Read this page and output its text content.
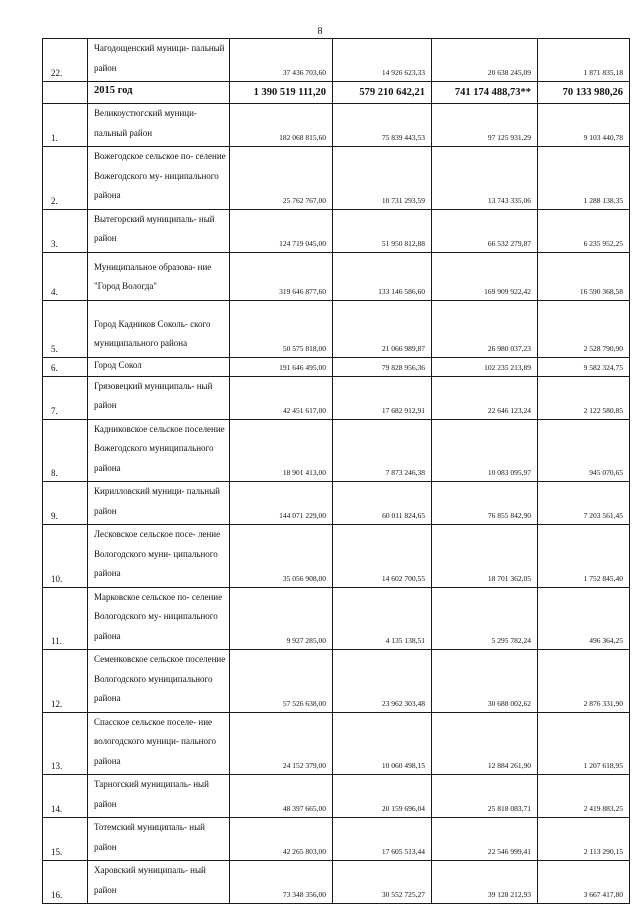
8
22.	Чагодощенский муници- пальный район	37 436 703,60	14 926 623,33	20 638 245,09	1 871 835,18
	2015 год	1 390 519 111,20	579 210 642,21	741 174 488,73**	70 133 980,26
1.	Великоустюгский муници- пальный район	182 068 815,60	75 839 443,53	97 125 931,29	9 103 440,78
2.	Вожегодское сельское по- селение Вожегодского му- ниципального района	25 762 767,00	10 731 293,59	13 743 335,06	1 288 138,35
3.	Вытегорский муниципаль- ный район	124 719 045,00	51 950 812,88	66 532 279,87	6 235 952,25
4.	Муниципальное образова- ние "Город Вологда"	319 646 877,60	133 146 586,60	169 909 922,42	16 590 368,58
5.	Город Кадников Соколь- ского муниципального района	50 575 818,00	21 066 989,87	26 980 037,23	2 528 790,90
6.	Город Сокол	191 646 495,00	79 828 956,36	102 235 213,89	9 582 324,75
7.	Грязовецкий муниципаль- ный район	42 451 617,00	17 682 912,91	22 646 123,24	2 122 580,85
8.	Кадниковское сельское поселение Вожегодского муниципального района	18 901 413,00	7 873 246,38	10 083 095,97	945 070,65
9.	Кирилловский муници- пальный район	144 071 229,00	60 011 824,65	76 855 842,90	7 203 561,45
10.	Лесковское сельское посе- ление Вологодского муни- ципального района	35 056 908,00	14 602 700,55	18 701 362,05	1 752 845,40
11.	Марковское сельское по- селение Вологодского му- ниципального района	9 927 285,00	4 135 138,51	5 295 782,24	496 364,25
12.	Семенковское сельское поселение Вологодского муниципального района	57 526 638,00	23 962 303,48	30 688 002,62	2 876 331,90
13.	Спасское сельское поселе- ние вологодского муници- пального района	24 152 379,00	10 060 498,15	12 884 261,90	1 207 618,95
14.	Тарногский муниципаль- ный район	48 397 665,00	20 159 696,04	25 818 083,71	2 419 883,25
15.	Тотемский муниципаль- ный район	42 265 803,00	17 605 513,44	22 546 999,41	2 113 290,15
16.	Харовский муниципаль- ный район	73 348 356,00	30 552 725,27	39 128 212,93	3 667 417,80
